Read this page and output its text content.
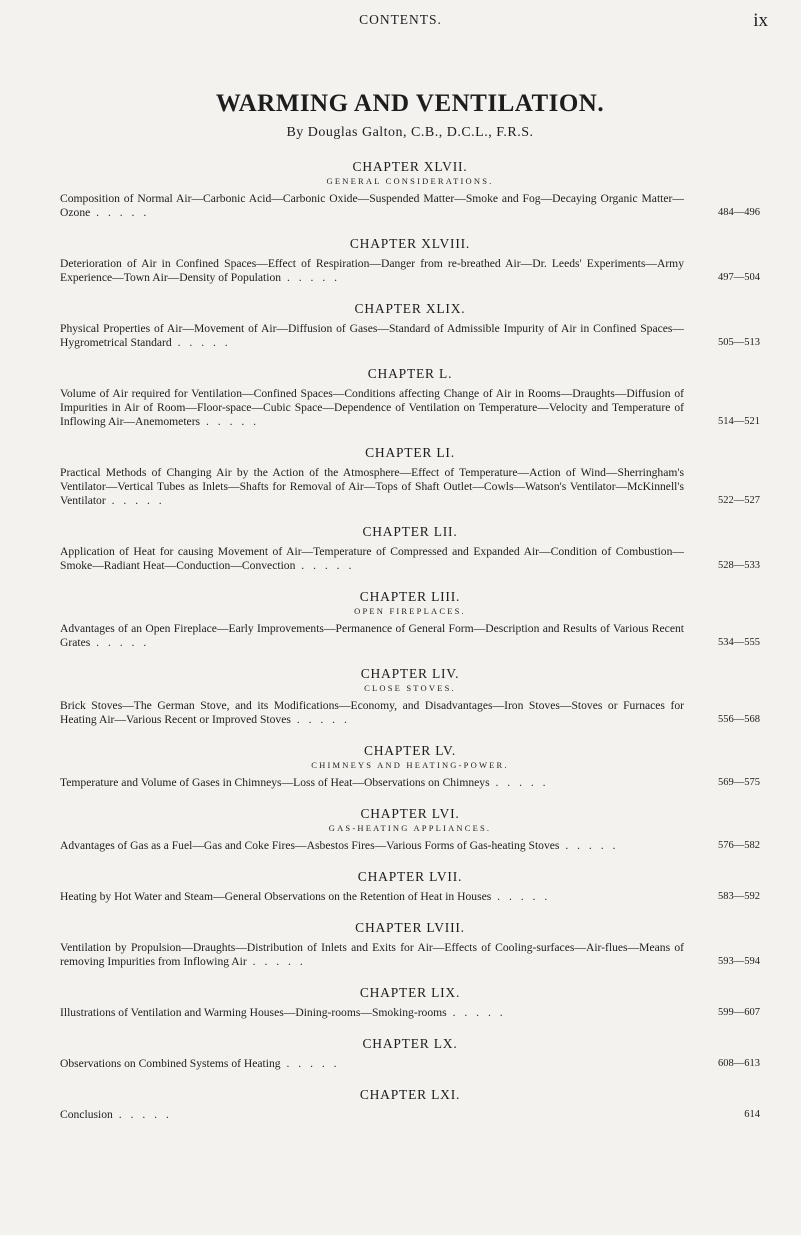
CONTENTS.	ix
WARMING AND VENTILATION.
By Douglas Galton, C.B., D.C.L., F.R.S.
CHAPTER XLVII.
GENERAL CONSIDERATIONS.
Composition of Normal Air—Carbonic Acid—Carbonic Oxide—Suspended Matter—Smoke and Fog—Decaying Organic Matter—Ozone . . . . .	484—496
CHAPTER XLVIII.
Deterioration of Air in Confined Spaces—Effect of Respiration—Danger from re-breathed Air—Dr. Leeds' Experiments—Army Experience—Town Air—Density of Population . . . . .	497—504
CHAPTER XLIX.
Physical Properties of Air—Movement of Air—Diffusion of Gases—Standard of Admissible Impurity of Air in Confined Spaces—Hygrometrical Standard . . . . .	505—513
CHAPTER L.
Volume of Air required for Ventilation—Confined Spaces—Conditions affecting Change of Air in Rooms—Draughts—Diffusion of Impurities in Air of Room—Floor-space—Cubic Space—Dependence of Ventilation on Temperature—Velocity and Temperature of Inflowing Air—Anemometers . . . . .	514—521
CHAPTER LI.
Practical Methods of Changing Air by the Action of the Atmosphere—Effect of Temperature—Action of Wind—Sherringham's Ventilator—Vertical Tubes as Inlets—Shafts for Removal of Air—Tops of Shaft Outlet—Cowls—Watson's Ventilator—McKinnell's Ventilator . . . . .	522—527
CHAPTER LII.
Application of Heat for causing Movement of Air—Temperature of Compressed and Expanded Air—Condition of Combustion—Smoke—Radiant Heat—Conduction—Convection . . . . .	528—533
CHAPTER LIII.
OPEN FIREPLACES.
Advantages of an Open Fireplace—Early Improvements—Permanence of General Form—Description and Results of Various Recent Grates . . . . .	534—555
CHAPTER LIV.
CLOSE STOVES.
Brick Stoves—The German Stove, and its Modifications—Economy, and Disadvantages—Iron Stoves—Stoves or Furnaces for Heating Air—Various Recent or Improved Stoves . . . . .	556—568
CHAPTER LV.
CHIMNEYS AND HEATING-POWER.
Temperature and Volume of Gases in Chimneys—Loss of Heat—Observations on Chimneys . . . . .	569—575
CHAPTER LVI.
GAS-HEATING APPLIANCES.
Advantages of Gas as a Fuel—Gas and Coke Fires—Asbestos Fires—Various Forms of Gas-heating Stoves . . . . .	576—582
CHAPTER LVII.
Heating by Hot Water and Steam—General Observations on the Retention of Heat in Houses . . . . .	583—592
CHAPTER LVIII.
Ventilation by Propulsion—Draughts—Distribution of Inlets and Exits for Air—Effects of Cooling-surfaces—Air-flues—Means of removing Impurities from Inflowing Air . . . . .	593—594
CHAPTER LIX.
Illustrations of Ventilation and Warming Houses—Dining-rooms—Smoking-rooms . . . . .	599—607
CHAPTER LX.
Observations on Combined Systems of Heating . . . . .	608—613
CHAPTER LXI.
Conclusion . . . . .	614
